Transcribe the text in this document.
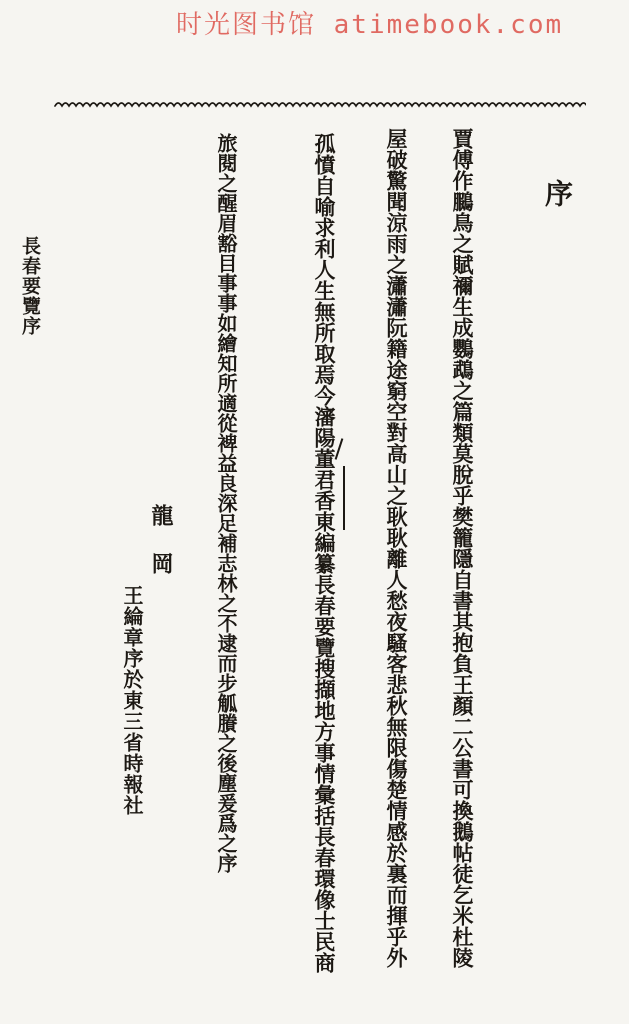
时光图书馆 atimebook.com
序
賈傅作鵩鳥之賦禰生成鸚鵡之篇類莫脫乎樊籠隱自書其抱負王顏二公書可換鵝帖徒乞米杜陵
屋破驚聞涼雨之瀟瀟阮籍途窮空對高山之耿耿離人愁夜騷客悲秋無限傷楚情感於裏而揮乎外
孤憤自喻求利人生無所取焉今瀋陽董君香東編纂長春要覽搜擷地方事情彙括長春環像士民商
旅閱之醒眉豁目事事如繪知所適從裨益良深足補志林之不逮而步觚賸之後塵爰爲之序
龍岡
王綸章序於東三省時報社
長春要覽序
